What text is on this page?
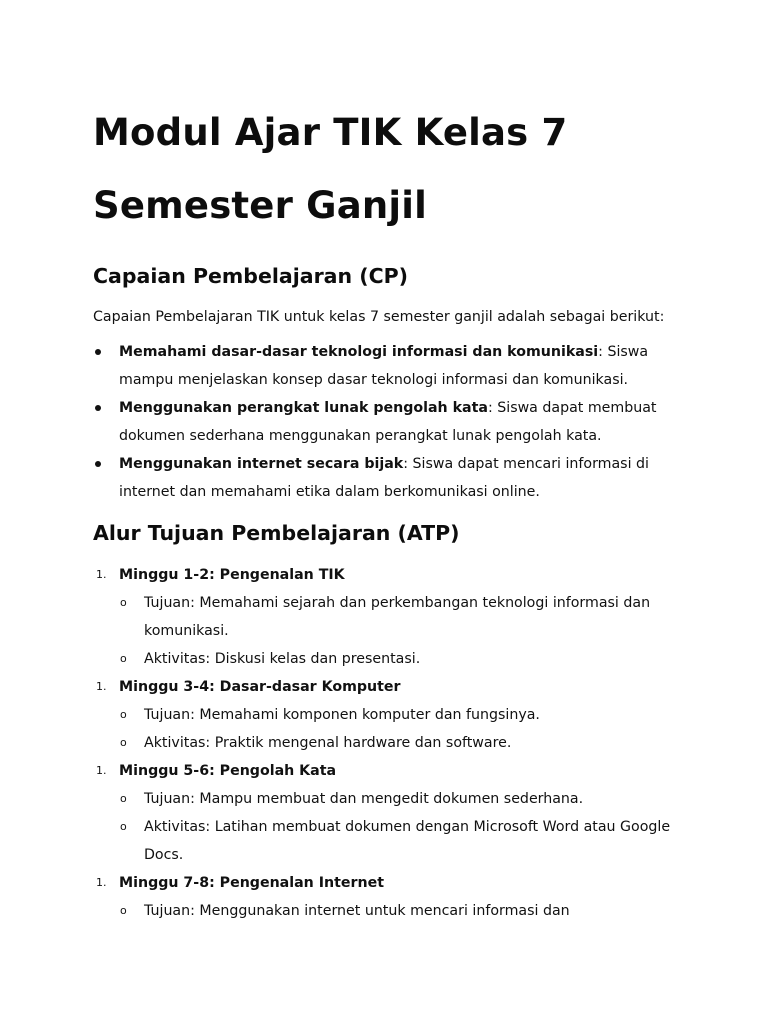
Modul Ajar TIK Kelas 7
Semester Ganjil
Capaian Pembelajaran (CP)

Capaian Pembelajaran TIK untuk kelas 7 semester ganjil adalah sebagai berikut:

Memahami dasar-dasar teknologi informasi dan komunikasi: Siswa mampu menjelaskan konsep dasar teknologi informasi dan komunikasi.
Menggunakan perangkat lunak pengolah kata: Siswa dapat membuat dokumen sederhana menggunakan perangkat lunak pengolah kata.
Menggunakan internet secara bijak: Siswa dapat mencari informasi di internet dan memahami etika dalam berkomunikasi online.
Alur Tujuan Pembelajaran (ATP)
1. Minggu 1-2: Pengenalan TIK
o Tujuan: Memahami sejarah dan perkembangan teknologi informasi dan komunikasi.
o Aktivitas: Diskusi kelas dan presentasi.
1. Minggu 3-4: Dasar-dasar Komputer
o Tujuan: Memahami komponen komputer dan fungsinya.
o Aktivitas: Praktik mengenal hardware dan software.
1. Minggu 5-6: Pengolah Kata
o Tujuan: Mampu membuat dan mengedit dokumen sederhana.
o Aktivitas: Latihan membuat dokumen dengan Microsoft Word atau Google Docs.
1. Minggu 7-8: Pengenalan Internet
o Tujuan: Menggunakan internet untuk mencari informasi dan
